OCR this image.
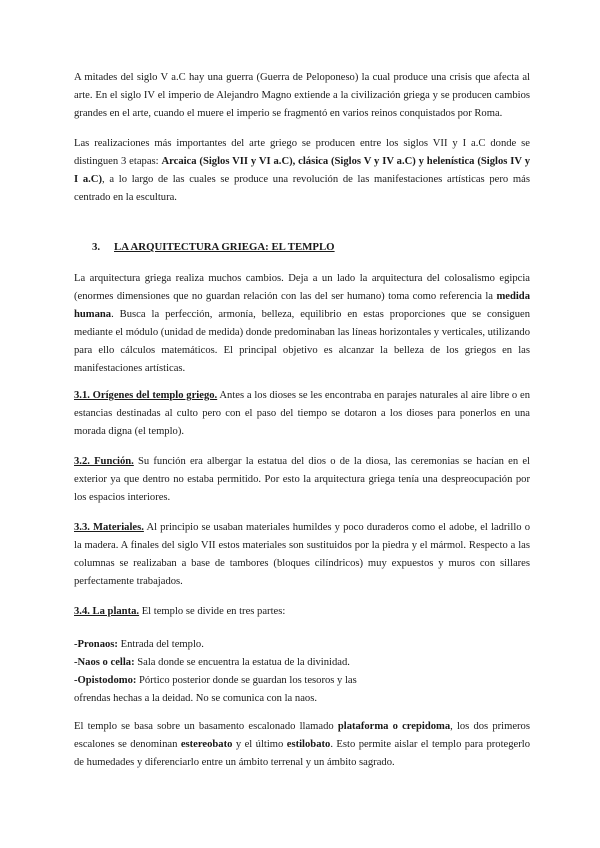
A mitades del siglo V a.C hay una guerra (Guerra de Peloponeso) la cual produce una crisis que afecta al arte. En el siglo IV el imperio de Alejandro Magno extiende a la civilización griega y se producen cambios grandes en el arte, cuando el muere el imperio se fragmentó en varios reinos conquistados por Roma.

Las realizaciones más importantes del arte griego se producen entre los siglos VII y I a.C donde se distinguen 3 etapas: Arcaica (Siglos VII y VI a.C), clásica (Siglos V y IV a.C) y helenística (Siglos IV y I a.C), a lo largo de las cuales se produce una revolución de las manifestaciones artísticas pero más centrado en la escultura.

3. LA ARQUITECTURA GRIEGA: EL TEMPLO

La arquitectura griega realiza muchos cambios. Deja a un lado la arquitectura del colosalismo egipcia (enormes dimensiones que no guardan relación con las del ser humano) toma como referencia la medida humana. Busca la perfección, armonía, belleza, equilibrio en estas proporciones que se consiguen mediante el módulo (unidad de medida) donde predominaban las líneas horizontales y verticales, utilizando para ello cálculos matemáticos. El principal objetivo es alcanzar la belleza de los griegos en las manifestaciones artísticas.

3.1. Orígenes del templo griego. Antes a los dioses se les encontraba en parajes naturales al aire libre o en estancias destinadas al culto pero con el paso del tiempo se dotaron a los dioses para ponerlos en una morada digna (el templo).

3.2. Función. Su función era albergar la estatua del dios o de la diosa, las ceremonias se hacían en el exterior ya que dentro no estaba permitido. Por esto la arquitectura griega tenía una despreocupación por los espacios interiores.

3.3. Materiales. Al principio se usaban materiales humildes y poco duraderos como el adobe, el ladrillo o la madera. A finales del siglo VII estos materiales son sustituidos por la piedra y el mármol. Respecto a las columnas se realizaban a base de tambores (bloques cilíndricos) muy expuestos y muros con sillares perfectamente trabajados.

3.4. La planta. El templo se divide en tres partes:

-Pronaos: Entrada del templo.
-Naos o cella: Sala donde se encuentra la estatua de la divinidad.
-Opistodomo: Pórtico posterior donde se guardan los tesoros y las
ofrendas hechas a la deidad. No se comunica con la naos.

El templo se basa sobre un basamento escalonado llamado plataforma o crepidoma, los dos primeros escalones se denominan estereobato y el último estilobato. Esto permite aislar el templo para protegerlo de humedades y diferenciarlo entre un ámbito terrenal y un ámbito sagrado.
